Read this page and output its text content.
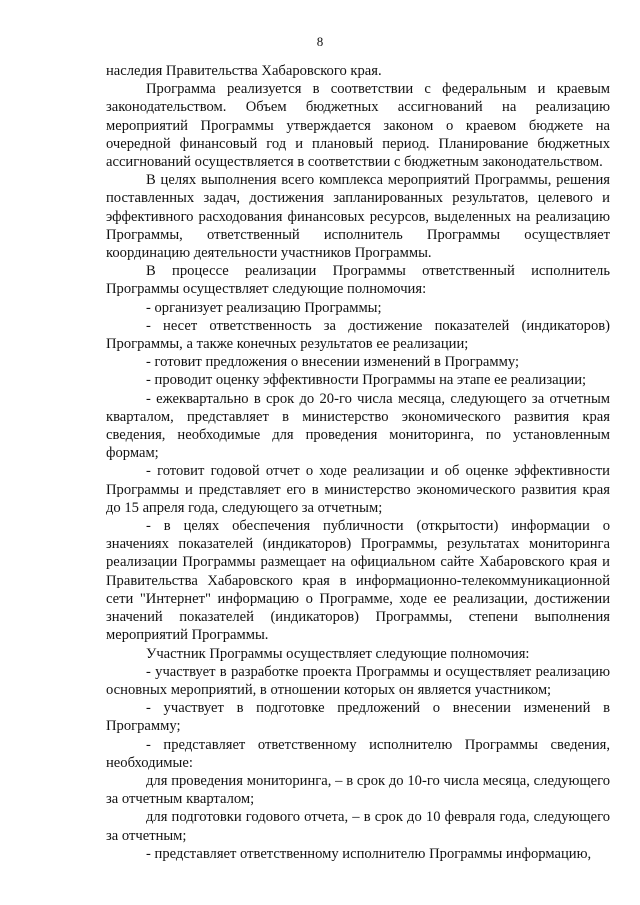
8

наследия Правительства Хабаровского края.

Программа реализуется в соответствии с федеральным и краевым законодательством. Объем бюджетных ассигнований на реализацию мероприятий Программы утверждается законом о краевом бюджете на очередной финансовый год и плановый период. Планирование бюджетных ассигнований осуществляется в соответствии с бюджетным законодательством.

В целях выполнения всего комплекса мероприятий Программы, решения поставленных задач, достижения запланированных результатов, целевого и эффективного расходования финансовых ресурсов, выделенных на реализацию Программы, ответственный исполнитель Программы осуществляет координацию деятельности участников Программы.

В процессе реализации Программы ответственный исполнитель Программы осуществляет следующие полномочия:

- организует реализацию Программы;

- несет ответственность за достижение показателей (индикаторов) Программы, а также конечных результатов ее реализации;

- готовит предложения о внесении изменений в Программу;

- проводит оценку эффективности Программы на этапе ее реализации;

- ежеквартально в срок до 20-го числа месяца, следующего за отчетным кварталом, представляет в министерство экономического развития края сведения, необходимые для проведения мониторинга, по установленным формам;

- готовит годовой отчет о ходе реализации и об оценке эффективности Программы и представляет его в министерство экономического развития края до 15 апреля года, следующего за отчетным;

- в целях обеспечения публичности (открытости) информации о значениях показателей (индикаторов) Программы, результатах мониторинга реализации Программы размещает на официальном сайте Хабаровского края и Правительства Хабаровского края в информационно-телекоммуникационной сети "Интернет" информацию о Программе, ходе ее реализации, достижении значений показателей (индикаторов) Программы, степени выполнения мероприятий Программы.

Участник Программы осуществляет следующие полномочия:

- участвует в разработке проекта Программы и осуществляет реализацию основных мероприятий, в отношении которых он является участником;

- участвует в подготовке предложений о внесении изменений в Программу;

- представляет ответственному исполнителю Программы сведения, необходимые:

для проведения мониторинга, – в срок до 10-го числа месяца, следующего за отчетным кварталом;

для подготовки годового отчета, – в срок до 10 февраля года, следующего за отчетным;

- представляет ответственному исполнителю Программы информацию,
